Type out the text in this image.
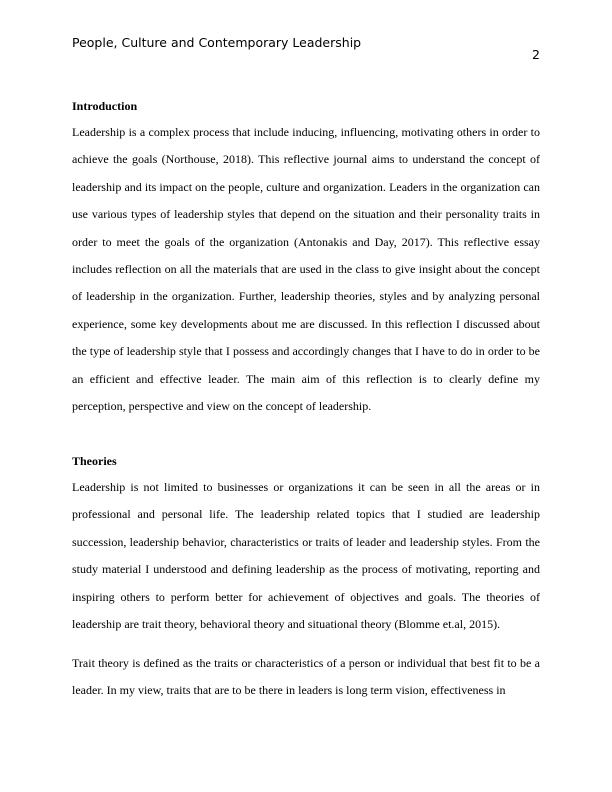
People, Culture and Contemporary Leadership
2
Introduction

Leadership is a complex process that include inducing, influencing, motivating others in order to achieve the goals (Northouse, 2018). This reflective journal aims to understand the concept of leadership and its impact on the people, culture and organization. Leaders in the organization can use various types of leadership styles that depend on the situation and their personality traits in order to meet the goals of the organization (Antonakis and Day, 2017). This reflective essay includes reflection on all the materials that are used in the class to give insight about the concept of leadership in the organization. Further, leadership theories, styles and by analyzing personal experience, some key developments about me are discussed. In this reflection I discussed about the type of leadership style that I possess and accordingly changes that I have to do in order to be an efficient and effective leader. The main aim of this reflection is to clearly define my perception, perspective and view on the concept of leadership.

Theories

Leadership is not limited to businesses or organizations it can be seen in all the areas or in professional and personal life. The leadership related topics that I studied are leadership succession, leadership behavior, characteristics or traits of leader and leadership styles. From the study material I understood and defining leadership as the process of motivating, reporting and inspiring others to perform better for achievement of objectives and goals. The theories of leadership are trait theory, behavioral theory and situational theory (Blomme et.al, 2015).

Trait theory is defined as the traits or characteristics of a person or individual that best fit to be a leader. In my view, traits that are to be there in leaders is long term vision, effectiveness in
